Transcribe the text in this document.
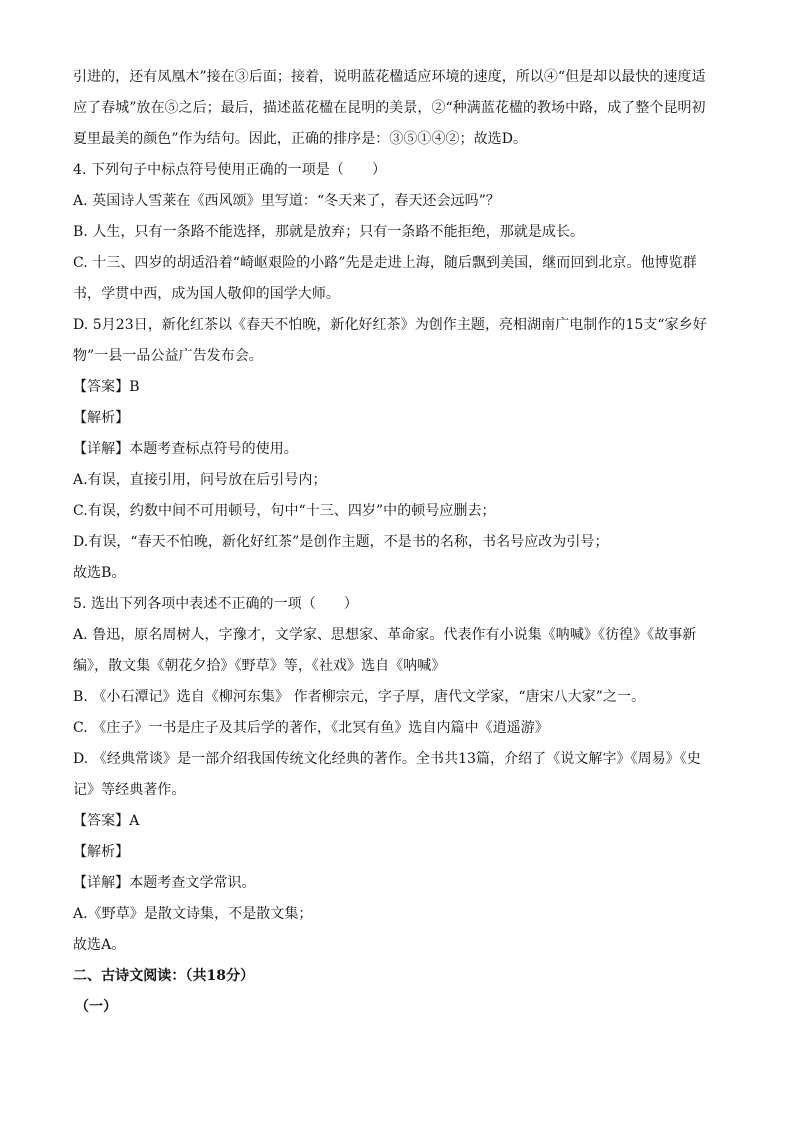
引进的，还有凤凰木”接在③后面；接着，说明蓝花楹适应环境的速度，所以④“但是却以最快的速度适
应了春城”放在⑤之后；最后，描述蓝花楹在昆明的美景，②“种满蓝花楹的教场中路，成了整个昆明初
夏里最美的颜色”作为结句。因此，正确的排序是：③⑤①④②；故选D。
4. 下列句子中标点符号使用正确的一项是（　　）
A. 英国诗人雪莱在《西风颂》里写道：“冬天来了，春天还会远吗”？
B. 人生，只有一条路不能选择，那就是放弃；只有一条路不能拒绝，那就是成长。
C. 十三、四岁的胡适沿着“崎岖艰险的小路”先是走进上海，随后飘到美国，继而回到北京。他博览群
书，学贯中西，成为国人敬仰的国学大师。
D. 5月23日，新化红茶以《春天不怕晚，新化好红茶》为创作主题，亮相湖南广电制作的15支“家乡好
物”一县一品公益广告发布会。
【答案】B
【解析】
【详解】本题考查标点符号的使用。
A.有误，直接引用，问号放在后引号内；
C.有误，约数中间不可用顿号，句中“十三、四岁”中的顿号应删去；
D.有误，“春天不怕晚，新化好红茶”是创作主题，不是书的名称，书名号应改为引号；
故选B。
5. 选出下列各项中表述不正确的一项（　　）
A. 鲁迅，原名周树人，字豫才，文学家、思想家、革命家。代表作有小说集《呐喊》《彷徨》《故事新
编》，散文集《朝花夕拾》《野草》等，《社戏》选自《呐喊》
B. 《小石潭记》选自《柳河东集》 作者柳宗元，字子厚，唐代文学家，“唐宋八大家”之一。
C. 《庄子》一书是庄子及其后学的著作，《北冥有鱼》选自内篇中《逍遥游》
D. 《经典常谈》是一部介绍我国传统文化经典的著作。全书共13篇，介绍了《说文解字》《周易》《史
记》等经典著作。
【答案】A
【解析】
【详解】本题考查文学常识。
A.《野草》是散文诗集，不是散文集；
故选A。
二、古诗文阅读：（共18分）
（一）
